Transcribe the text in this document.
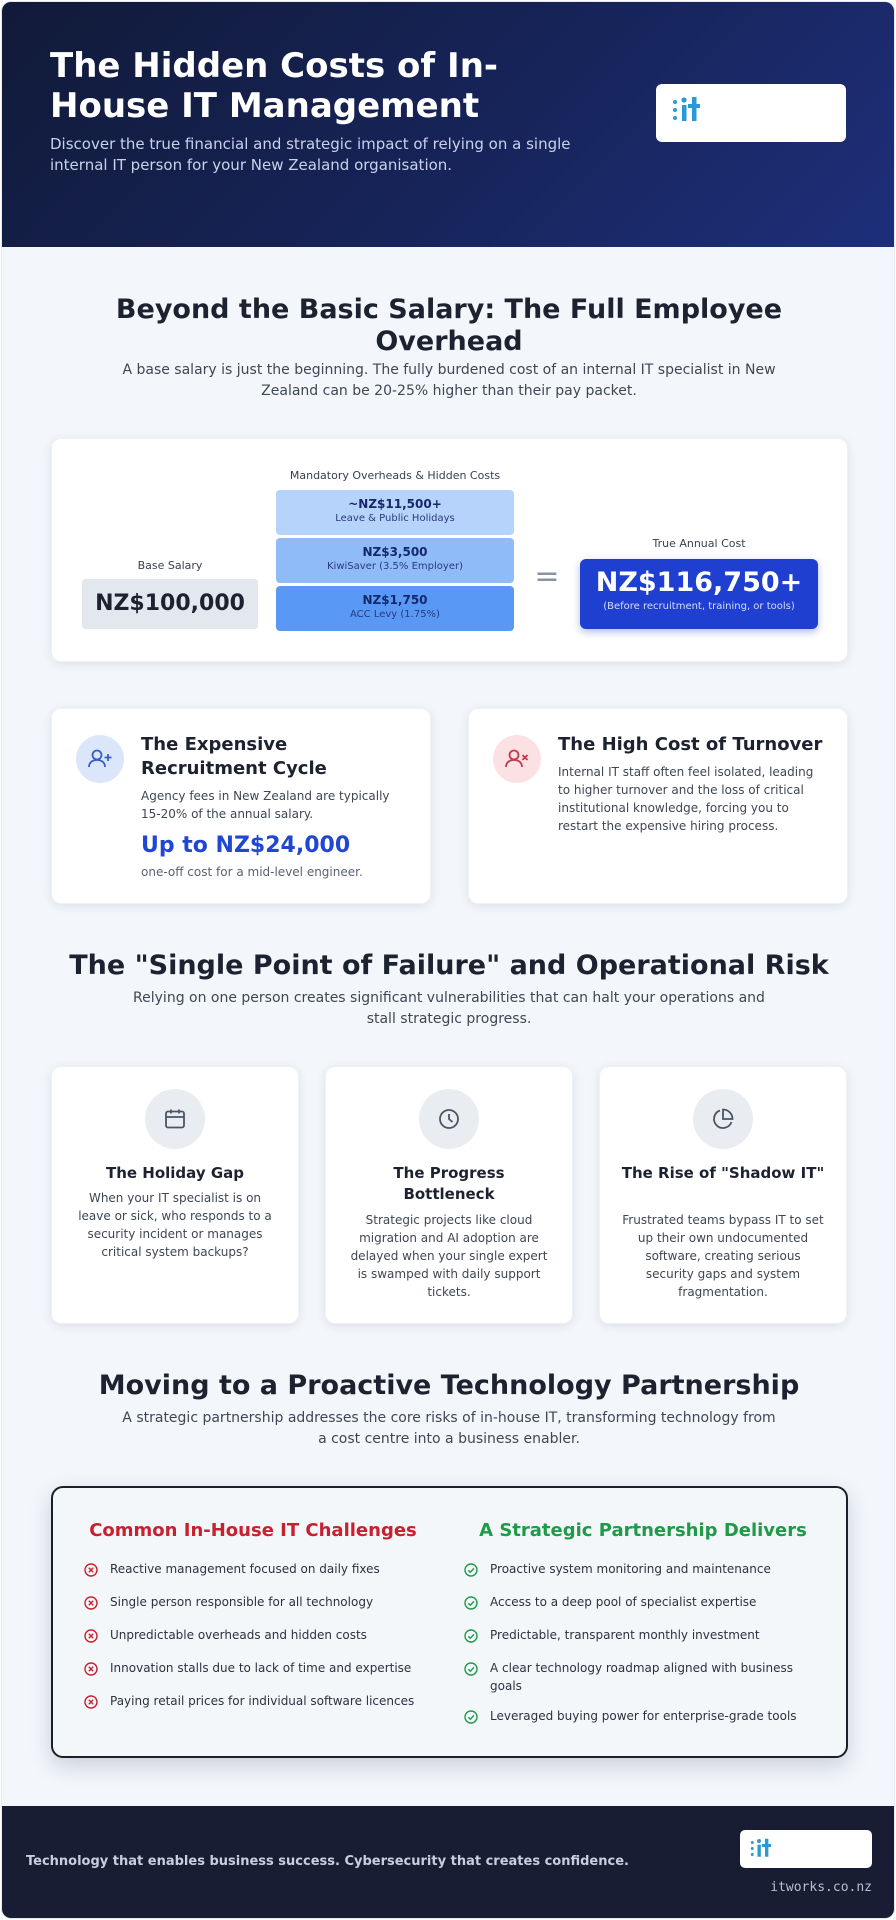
The Hidden Costs of In-House IT Management
Discover the true financial and strategic impact of relying on a single internal IT person for your New Zealand organisation.
Beyond the Basic Salary: The Full Employee Overhead
A base salary is just the beginning. The fully burdened cost of an internal IT specialist in New Zealand can be 20-25% higher than their pay packet.
Mandatory Overheads & Hidden Costs
Base Salary
NZ$100,000
~NZ$11,500+
Leave & Public Holidays
NZ$3,500
KiwiSaver (3.5% Employer)
NZ$1,750
ACC Levy (1.75%)
=
True Annual Cost
NZ$116,750+
(Before recruitment, training, or tools)
The Expensive Recruitment Cycle
Agency fees in New Zealand are typically 15-20% of the annual salary.
Up to NZ$24,000
one-off cost for a mid-level engineer.
The High Cost of Turnover
Internal IT staff often feel isolated, leading to higher turnover and the loss of critical institutional knowledge, forcing you to restart the expensive hiring process.
The "Single Point of Failure" and Operational Risk
Relying on one person creates significant vulnerabilities that can halt your operations and stall strategic progress.
The Holiday Gap
When your IT specialist is on leave or sick, who responds to a security incident or manages critical system backups?
The Progress Bottleneck
Strategic projects like cloud migration and AI adoption are delayed when your single expert is swamped with daily support tickets.
The Rise of "Shadow IT"
Frustrated teams bypass IT to set up their own undocumented software, creating serious security gaps and system fragmentation.
Moving to a Proactive Technology Partnership
A strategic partnership addresses the core risks of in-house IT, transforming technology from a cost centre into a business enabler.
Common In-House IT Challenges	A Strategic Partnership Delivers
Reactive management focused on daily fixes
Single person responsible for all technology
Unpredictable overheads and hidden costs
Innovation stalls due to lack of time and expertise
Paying retail prices for individual software licences
Proactive system monitoring and maintenance
Access to a deep pool of specialist expertise
Predictable, transparent monthly investment
A clear technology roadmap aligned with business goals
Leveraged buying power for enterprise-grade tools
Technology that enables business success. Cybersecurity that creates confidence.
itworks.co.nz
